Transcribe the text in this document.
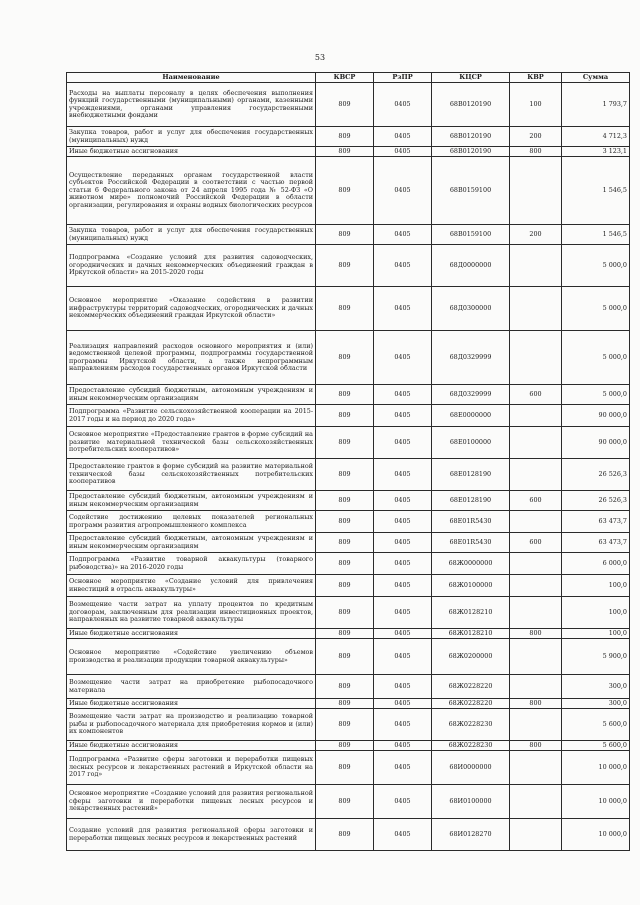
53
Наименование	КВСР	РзПР	КЦСР	КВР	Сумма
Расходы на выплаты персоналу в целях обеспечения выполнения функций государственными (муниципальными) органами, казенными учреждениями, органами управления государственными внебюджетными фондами	809	0405	68В0120190	100	1 793,7
Закупка товаров, работ и услуг для обеспечения государственных (муниципальных) нужд	809	0405	68В0120190	200	4 712,3
Иные бюджетные ассигнования	809	0405	68В0120190	800	3 123,1
Осуществление переданных органам государственной власти субъектов Российской Федерации в соответствии с частью первой статьи 6 Федерального закона от 24 апреля 1995 года № 52-ФЗ «О животном мире» полномочий Российской Федерации в области организации, регулирования и охраны водных биологических ресурсов	809	0405	68В0159100		1 546,5
Закупка товаров, работ и услуг для обеспечения государственных (муниципальных) нужд	809	0405	68В0159100	200	1 546,5
Подпрограмма «Создание условий для развития садоводческих, огороднических и дачных некоммерческих объединений граждан в Иркутской области» на 2015-2020 годы	809	0405	68Д0000000		5 000,0
Основное мероприятие «Оказание содействия в развитии инфраструктуры территорий садоводческих, огороднических и дачных некоммерческих объединений граждан Иркутской области»	809	0405	68Д0300000		5 000,0
Реализация направлений расходов основного мероприятия и (или) ведомственной целевой программы, подпрограммы государственной программы Иркутской области, а также непрограммным направлениям расходов государственных органов Иркутской области	809	0405	68Д0329999		5 000,0
Предоставление субсидий бюджетным, автономным учреждениям и иным некоммерческим организациям	809	0405	68Д0329999	600	5 000,0
Подпрограмма «Развитие сельскохозяйственной кооперации на 2015-2017 годы и на период до 2020 года»	809	0405	68Е0000000		90 000,0
Основное мероприятие «Предоставление грантов в форме субсидий на развитие материальной технической базы сельскохозяйственных потребительских кооперативов»	809	0405	68Е0100000		90 000,0
Предоставление грантов в форме субсидий на развитие материальной технической базы сельскохозяйственных потребительских кооперативов	809	0405	68Е0128190		26 526,3
Предоставление субсидий бюджетным, автономным учреждениям и иным некоммерческим организациям	809	0405	68Е0128190	600	26 526,3
Содействие достижению целевых показателей региональных программ развития агропромышленного комплекса	809	0405	68Е01R5430		63 473,7
Предоставление субсидий бюджетным, автономным учреждениям и иным некоммерческим организациям	809	0405	68Е01R5430	600	63 473,7
Подпрограмма «Развитие товарной аквакультуры (товарного рыбоводства)» на 2016-2020 годы	809	0405	68Ж0000000		6 000,0
Основное мероприятие «Создание условий для привлечения инвестиций в отрасль аквакультуры»	809	0405	68Ж0100000		100,0
Возмещение части затрат на уплату процентов по кредитным договорам, заключенным для реализации инвестиционных проектов, направленных на развитие товарной аквакультуры	809	0405	68Ж0128210		100,0
Иные бюджетные ассигнования	809	0405	68Ж0128210	800	100,0
Основное мероприятие «Содействие увеличению объемов производства и реализации продукции товарной аквакультуры»	809	0405	68Ж0200000		5 900,0
Возмещение части затрат на приобретение рыбопосадочного материала	809	0405	68Ж0228220		300,0
Иные бюджетные ассигнования	809	0405	68Ж0228220	800	300,0
Возмещение части затрат на производство и реализацию товарной рыбы и рыбопосадочного материала для приобретения кормов и (или) их компонентов	809	0405	68Ж0228230		5 600,0
Иные бюджетные ассигнования	809	0405	68Ж0228230	800	5 600,0
Подпрограмма «Развитие сферы заготовки и переработки пищевых лесных ресурсов и лекарственных растений в Иркутской области на 2017 год»	809	0405	68И0000000		10 000,0
Основное мероприятие «Создание условий для развития региональной сферы заготовки и переработки пищевых лесных ресурсов и лекарственных растений»	809	0405	68И0100000		10 000,0
Создание условий для развития региональной сферы заготовки и переработки пищевых лесных ресурсов и лекарственных растений	809	0405	68И0128270		10 000,0
